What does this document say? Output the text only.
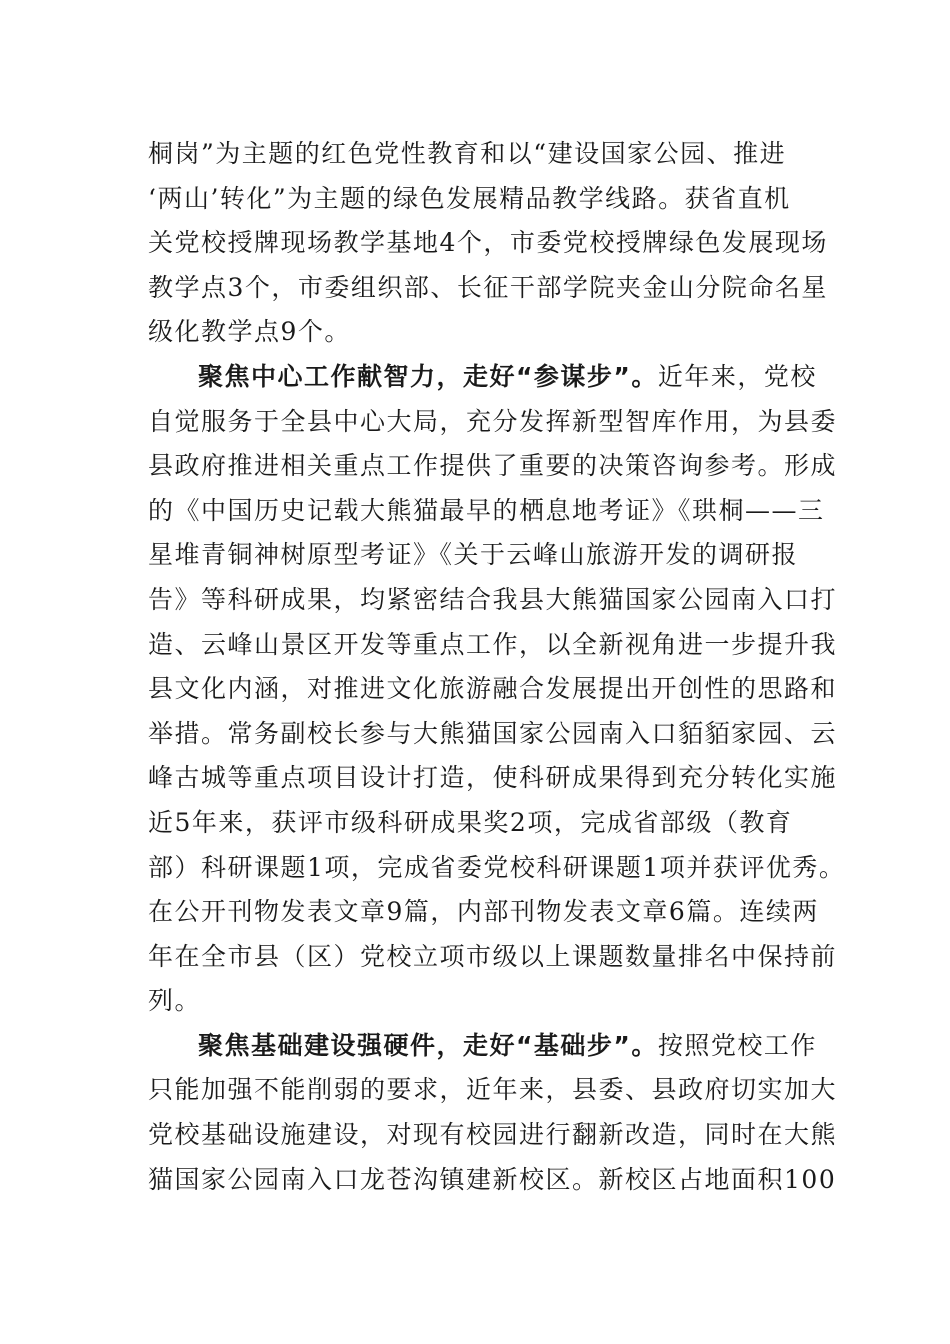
桐岗”为主题的红色党性教育和以“建设国家公园、推进
‘两山’转化”为主题的绿色发展精品教学线路。获省直机
关党校授牌现场教学基地4个，市委党校授牌绿色发展现场
教学点3个，市委组织部、长征干部学院夹金山分院命名星
级化教学点9个。
聚焦中心工作献智力，走好“参谋步”。近年来，党校
自觉服务于全县中心大局，充分发挥新型智库作用，为县委
县政府推进相关重点工作提供了重要的决策咨询参考。形成
的《中国历史记载大熊猫最早的栖息地考证》《珙桐——三
星堆青铜神树原型考证》《关于云峰山旅游开发的调研报
告》等科研成果，均紧密结合我县大熊猫国家公园南入口打
造、云峰山景区开发等重点工作，以全新视角进一步提升我
县文化内涵，对推进文化旅游融合发展提出开创性的思路和
举措。常务副校长参与大熊猫国家公园南入口貊貊家园、云
峰古城等重点项目设计打造，使科研成果得到充分转化实施
近5年来，获评市级科研成果奖2项，完成省部级（教育
部）科研课题1项，完成省委党校科研课题1项并获评优秀。
在公开刊物发表文章9篇，内部刊物发表文章6篇。连续两
年在全市县（区）党校立项市级以上课题数量排名中保持前
列。
聚焦基础建设强硬件，走好“基础步”。按照党校工作
只能加强不能削弱的要求，近年来，县委、县政府切实加大
党校基础设施建设，对现有校园进行翻新改造，同时在大熊
猫国家公园南入口龙苍沟镇建新校区。新校区占地面积100
